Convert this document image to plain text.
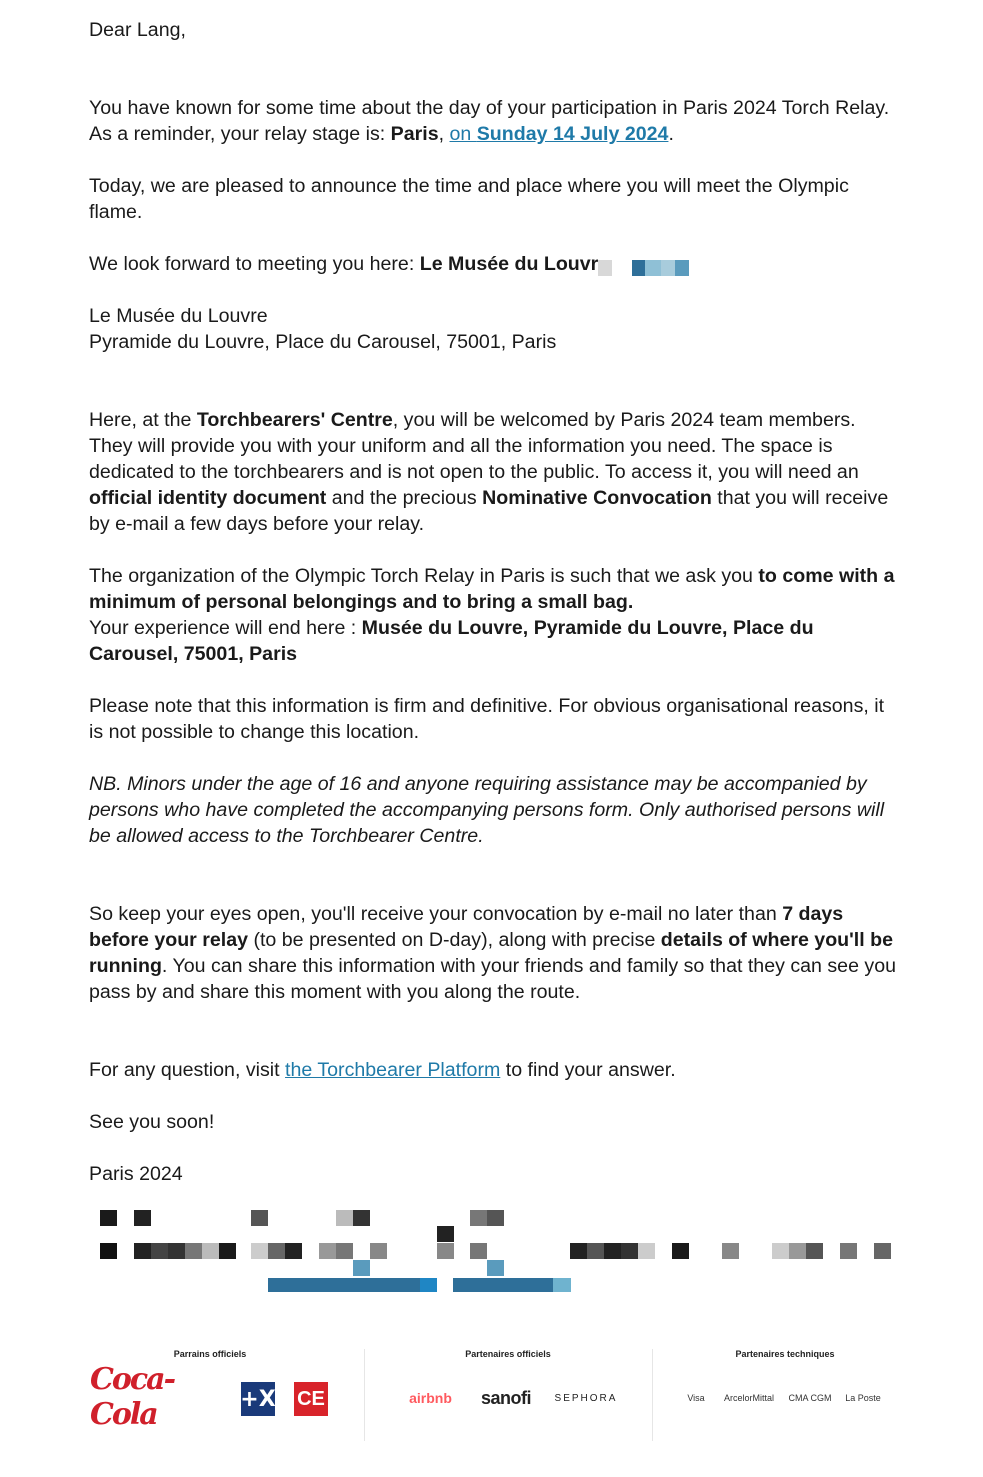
Dear Lang,

You have known for some time about the day of your participation in Paris 2024 Torch Relay. As a reminder, your relay stage is: Paris, on Sunday 14 July 2024.

Today, we are pleased to announce the time and place where you will meet the Olympic flame.

We look forward to meeting you here: Le Musée du Louvr

Le Musée du Louvre

Pyramide du Louvre, Place du Carousel, 75001, Paris

Here, at the Torchbearers' Centre, you will be welcomed by Paris 2024 team members. They will provide you with your uniform and all the information you need. The space is dedicated to the torchbearers and is not open to the public. To access it, you will need an official identity document and the precious Nominative Convocation that you will receive by e-mail a few days before your relay.

The organization of the Olympic Torch Relay in Paris is such that we ask you to come with a minimum of personal belongings and to bring a small bag.
Your experience will end here : Musée du Louvre, Pyramide du Louvre, Place du Carousel, 75001, Paris

Please note that this information is firm and definitive. For obvious organisational reasons, it is not possible to change this location.

NB. Minors under the age of 16 and anyone requiring assistance may be accompanied by persons who have completed the accompanying persons form. Only authorised persons will be allowed access to the Torchbearer Centre.

So keep your eyes open, you'll receive your convocation by e-mail no later than 7 days before your relay (to be presented on D-day), along with precise details of where you'll be running. You can share this information with your friends and family so that they can see you pass by and share this moment with you along the route.

For any question, visit the Torchbearer Platform to find your answer.

See you soon!

Paris 2024

Parrains officiels
Coca-Cola	+X CE
Partenaires officiels
airbnb	sanofi	SEPHORA
Partenaires techniques
Visa	ArcelorMittal	CMA CGM	La Poste
